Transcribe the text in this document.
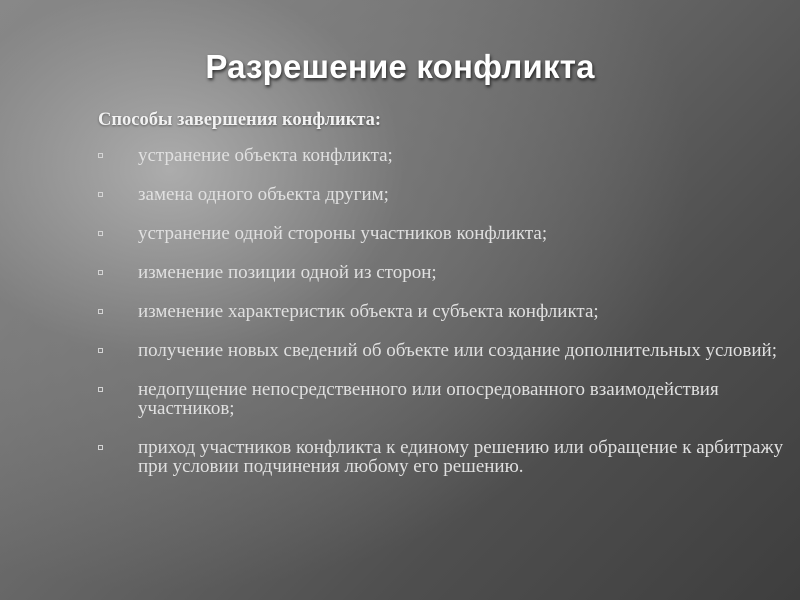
Разрешение конфликта
Способы завершения конфликта:
устранение объекта конфликта;
замена одного объекта другим;
устранение одной стороны участников конфликта;
изменение позиции одной из сторон;
изменение характеристик объекта и субъекта конфликта;
получение новых сведений об объекте или создание дополнительных условий;
недопущение непосредственного или опосредованного взаимодействия участников;
приход участников конфликта к единому решению или обращение к арбитражу при условии подчинения любому его решению.
